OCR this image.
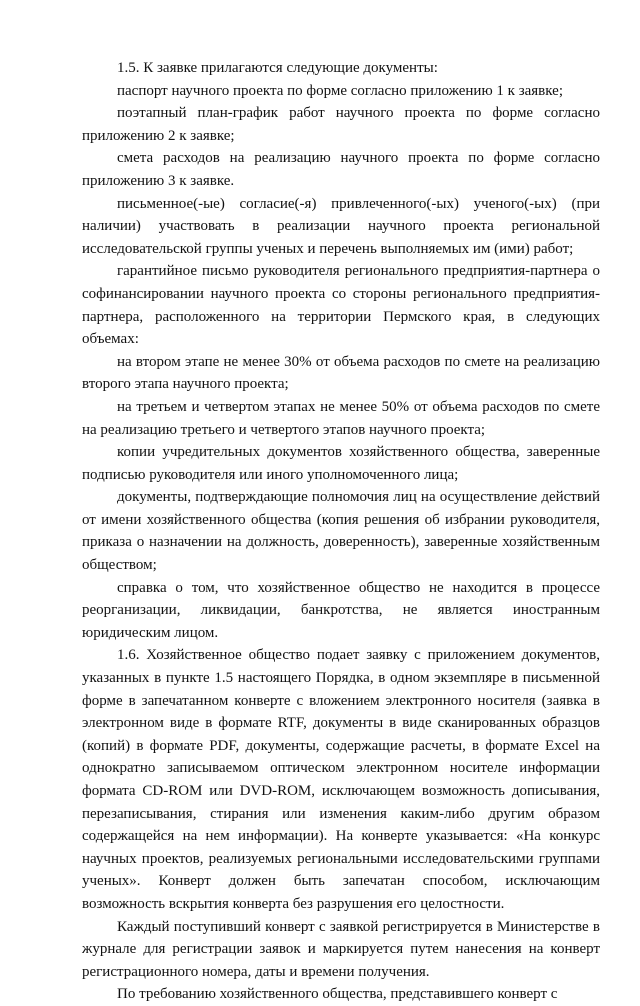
1.5. К заявке прилагаются следующие документы:

паспорт научного проекта по форме согласно приложению 1 к заявке;

поэтапный план-график работ научного проекта по форме согласно приложению 2 к заявке;

смета расходов на реализацию научного проекта по форме согласно приложению 3 к заявке.

письменное(-ые) согласие(-я) привлеченного(-ых) ученого(-ых) (при наличии) участвовать в реализации научного проекта региональной исследовательской группы ученых и перечень выполняемых им (ими) работ;

гарантийное письмо руководителя регионального предприятия-партнера о софинансировании научного проекта со стороны регионального предприятия-партнера, расположенного на территории Пермского края, в следующих объемах:

на втором этапе не менее 30% от объема расходов по смете на реализацию второго этапа научного проекта;

на третьем и четвертом этапах не менее 50% от объема расходов по смете на реализацию третьего и четвертого этапов научного проекта;

копии учредительных документов хозяйственного общества, заверенные подписью руководителя или иного уполномоченного лица;

документы, подтверждающие полномочия лиц на осуществление действий от имени хозяйственного общества (копия решения об избрании руководителя, приказа о назначении на должность, доверенность), заверенные хозяйственным обществом;

справка о том, что хозяйственное общество не находится в процессе реорганизации, ликвидации, банкротства, не является иностранным юридическим лицом.

1.6. Хозяйственное общество подает заявку с приложением документов, указанных в пункте 1.5 настоящего Порядка, в одном экземпляре в письменной форме в запечатанном конверте с вложением электронного носителя (заявка в электронном виде в формате RTF, документы в виде сканированных образцов (копий) в формате PDF, документы, содержащие расчеты, в формате Excel на однократно записываемом оптическом электронном носителе информации формата CD-ROM или DVD-ROM, исключающем возможность дописывания, перезаписывания, стирания или изменения каким-либо другим образом содержащейся на нем информации). На конверте указывается: «На конкурс научных проектов, реализуемых региональными исследовательскими группами ученых». Конверт должен быть запечатан способом, исключающим возможность вскрытия конверта без разрушения его целостности.

Каждый поступивший конверт с заявкой регистрируется в Министерстве в журнале для регистрации заявок и маркируется путем нанесения на конверт регистрационного номера, даты и времени получения.

По требованию хозяйственного общества, представившего конверт с
